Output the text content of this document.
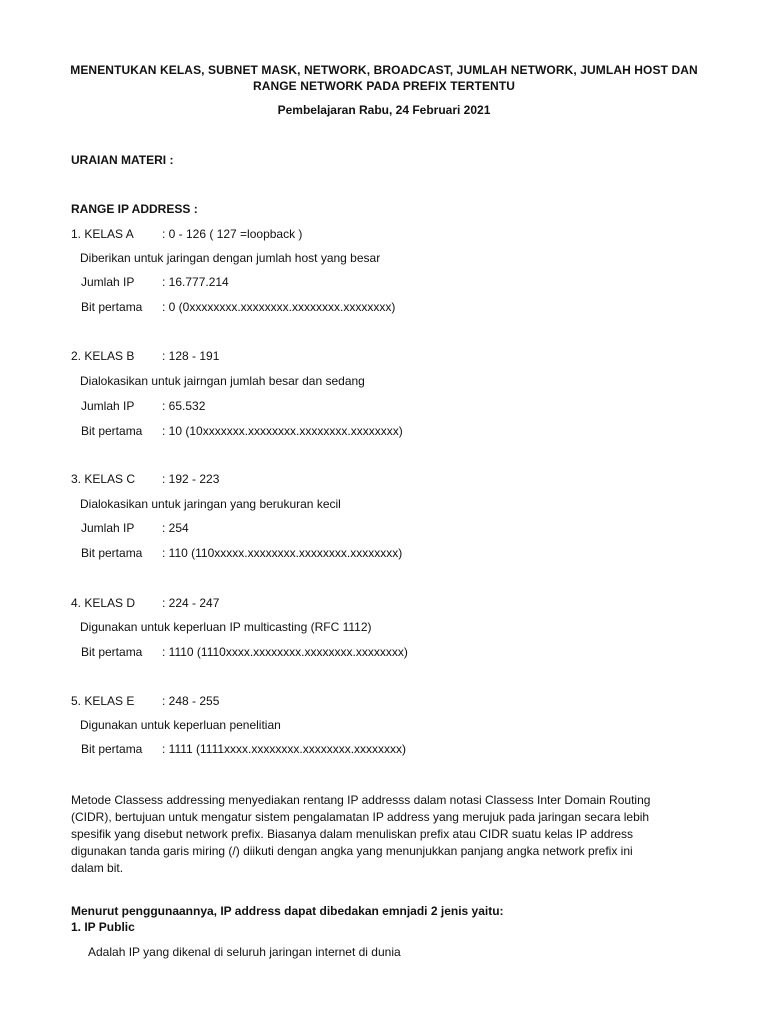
MENENTUKAN KELAS, SUBNET MASK, NETWORK, BROADCAST, JUMLAH NETWORK, JUMLAH HOST DAN
RANGE NETWORK PADA PREFIX TERTENTU
Pembelajaran Rabu, 24 Februari 2021
URAIAN MATERI :
RANGE IP ADDRESS :
1. KELAS A : 0 - 126 ( 127 =loopback )
Diberikan untuk jaringan dengan jumlah host yang besar
Jumlah IP : 16.777.214
Bit pertama : 0 (0xxxxxxxx.xxxxxxxx.xxxxxxxx.xxxxxxxx)
2. KELAS B : 128 - 191
Dialokasikan untuk jairngan jumlah besar dan sedang
Jumlah IP : 65.532
Bit pertama : 10 (10xxxxxxx.xxxxxxxx.xxxxxxxx.xxxxxxxx)
3. KELAS C : 192 - 223
Dialokasikan untuk jaringan yang berukuran kecil
Jumlah IP : 254
Bit pertama : 110 (110xxxxx.xxxxxxxx.xxxxxxxx.xxxxxxxx)
4. KELAS D : 224 - 247
Digunakan untuk keperluan IP multicasting (RFC 1112)
Bit pertama : 1110 (1110xxxx.xxxxxxxx.xxxxxxxx.xxxxxxxx)
5. KELAS E : 248 - 255
Digunakan untuk keperluan penelitian
Bit pertama : 1111 (1111xxxx.xxxxxxxx.xxxxxxxx.xxxxxxxx)
Metode Classess addressing menyediakan rentang IP addresss dalam notasi Classess Inter Domain Routing
(CIDR), bertujuan untuk mengatur sistem pengalamatan IP address yang merujuk pada jaringan secara lebih
spesifik yang disebut network prefix. Biasanya dalam menuliskan prefix atau CIDR suatu kelas IP address
digunakan tanda garis miring (/) diikuti dengan angka yang menunjukkan panjang angka network prefix ini
dalam bit.
Menurut penggunaannya, IP address dapat dibedakan emnjadi 2 jenis yaitu:
1. IP Public
Adalah IP yang dikenal di seluruh jaringan internet di dunia
